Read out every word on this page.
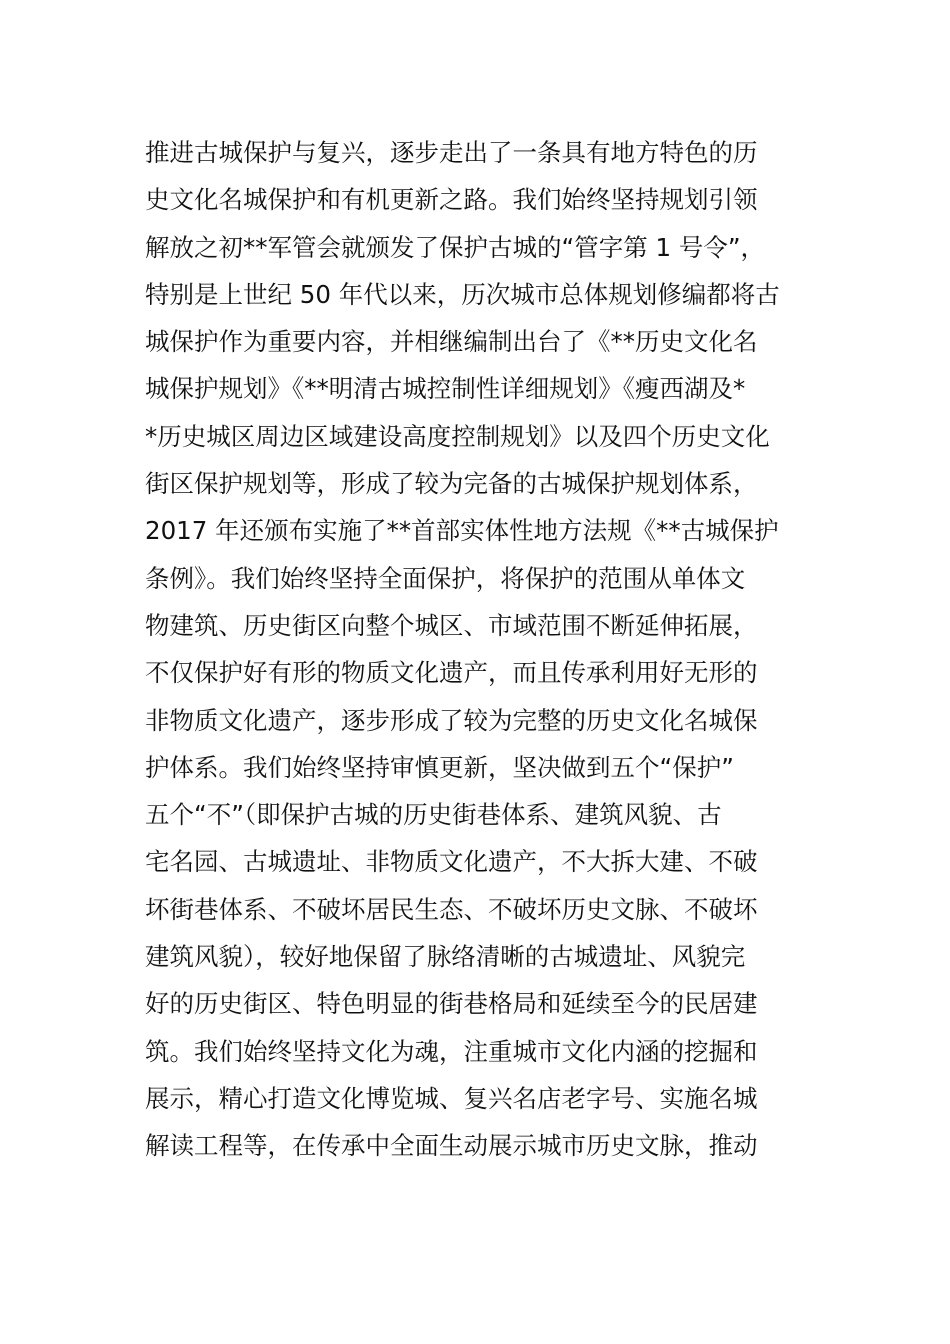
推进古城保护与复兴，逐步走出了一条具有地方特色的历
史文化名城保护和有机更新之路。我们始终坚持规划引领
解放之初**军管会就颁发了保护古城的“管字第 1 号令”，
特别是上世纪 50 年代以来，历次城市总体规划修编都将古
城保护作为重要内容，并相继编制出台了《**历史文化名
城保护规划》《**明清古城控制性详细规划》《瘦西湖及*
*历史城区周边区域建设高度控制规划》以及四个历史文化
街区保护规划等，形成了较为完备的古城保护规划体系，
2017 年还颁布实施了**首部实体性地方法规《**古城保护
条例》。我们始终坚持全面保护，将保护的范围从单体文
物建筑、历史街区向整个城区、市域范围不断延伸拓展，
不仅保护好有形的物质文化遗产，而且传承利用好无形的
非物质文化遗产，逐步形成了较为完整的历史文化名城保
护体系。我们始终坚持审慎更新，坚决做到五个“保护”
五个“不”（即保护古城的历史街巷体系、建筑风貌、古
宅名园、古城遗址、非物质文化遗产，不大拆大建、不破
坏街巷体系、不破坏居民生态、不破坏历史文脉、不破坏
建筑风貌），较好地保留了脉络清晰的古城遗址、风貌完
好的历史街区、特色明显的街巷格局和延续至今的民居建
筑。我们始终坚持文化为魂，注重城市文化内涵的挖掘和
展示，精心打造文化博览城、复兴名店老字号、实施名城
解读工程等，在传承中全面生动展示城市历史文脉，推动
